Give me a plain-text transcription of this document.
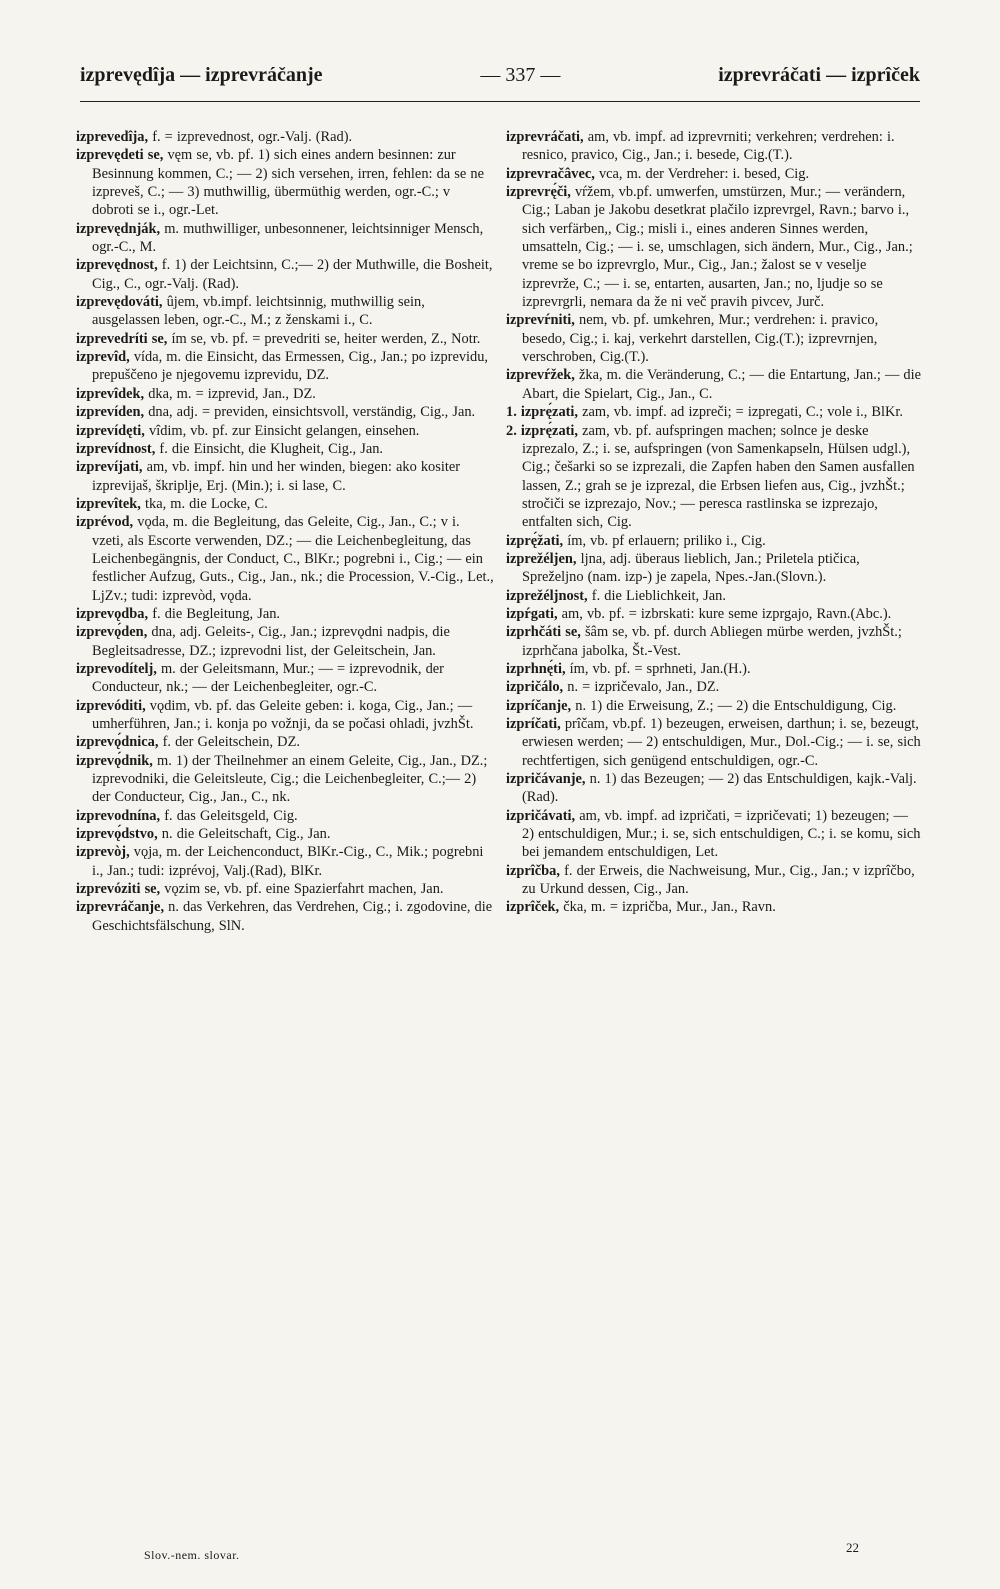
izprevędîja — izprevráčanje	— 337 —	izprevráčati — izprîček
izprevedîja, f. = izprevednost, ogr.-Valj. (Rad).
izprevędeti se, vęm se, vb. pf. 1) sich eines andern besinnen: zur Besinnung kommen, C.; — 2) sich versehen, irren, fehlen: da se ne izpreveš, C.; — 3) muthwillig, übermüthig werden, ogr.-C.; v dobroti se i., ogr.-Let.
izprevędnják, m. muthwilliger, unbesonnener, leichtsinniger Mensch, ogr.-C., M.
izprevędnost, f. 1) der Leichtsinn, C.;— 2) der Muthwille, die Bosheit, Cig., C., ogr.-Valj. (Rad).
izprevędováti, ûjem, vb.impf. leichtsinnig, muthwillig sein, ausgelassen leben, ogr.-C., M.; z ženskami i., C.
izprevedríti se, ím se, vb. pf. = prevedriti se, heiter werden, Z., Notr.
izprevîd, vída, m. die Einsicht, das Ermessen, Cig., Jan.; po izprevidu, prepuščeno je njegovemu izprevidu, DZ.
izprevîdek, dka, m. = izprevid, Jan., DZ.
izprevíden, dna, adj. = previden, einsichtsvoll, verständig, Cig., Jan.
izprevídęti, vîdim, vb. pf. zur Einsicht gelangen, einsehen.
izprevídnost, f. die Einsicht, die Klugheit, Cig., Jan.
izprevíjati, am, vb. impf. hin und her winden, biegen: ako kositer izprevijaš, škriplje, Erj. (Min.); i. si lase, C.
izprevîtek, tka, m. die Locke, C.
izprévod, vǫda, m. die Begleitung, das Geleite, Cig., Jan., C.; v i. vzeti, als Escorte verwenden, DZ.; — die Leichenbegleitung, das Leichenbegängnis, der Conduct, C., BlKr.; pogrebni i., Cig.; — ein festlicher Aufzug, Guts., Cig., Jan., nk.; die Procession, V.-Cig., Let., LjZv.; tudi: izprevòd, vǫda.
izprevǫdba, f. die Begleitung, Jan.
izprevǫ́den, dna, adj. Geleits-, Cig., Jan.; izprevǫdni nadpis, die Begleitsadresse, DZ.; izprevodni list, der Geleitschein, Jan.
izprevodítelj, m. der Geleitsmann, Mur.; — = izprevodnik, der Conducteur, nk.; — der Leichenbegleiter, ogr.-C.
izprevóditi, vǫdim, vb. pf. das Geleite geben: i. koga, Cig., Jan.; — umherführen, Jan.; i. konja po vožnji, da se počasi ohladi, jvzhŠt.
izprevǫ́dnica, f. der Geleitschein, DZ.
izprevǫ́dnik, m. 1) der Theilnehmer an einem Geleite, Cig., Jan., DZ.; izprevodniki, die Geleitsleute, Cig.; die Leichenbegleiter, C.;— 2) der Conducteur, Cig., Jan., C., nk.
izprevodnína, f. das Geleitsgeld, Cig.
izprevǫ́dstvo, n. die Geleitschaft, Cig., Jan.
izprevòj, vǫja, m. der Leichenconduct, BlKr.-Cig., C., Mik.; pogrebni i., Jan.; tudi: izprévoj, Valj.(Rad), BlKr.
izprevóziti se, vǫzim se, vb. pf. eine Spazierfahrt machen, Jan.
izprevráčanje, n. das Verkehren, das Verdrehen, Cig.; i. zgodovine, die Geschichtsfälschung, SlN.
izprevráčati, am, vb. impf. ad izprevrniti; verkehren; verdrehen: i. resnico, pravico, Cig., Jan.; i. besede, Cig.(T.).
izprevračâvec, vca, m. der Verdreher: i. besed, Cig.
izprevrę́či, vŕžem, vb.pf. umwerfen, umstürzen, Mur.; — verändern, Cig.; Laban je Jakobu desetkrat plačilo izprevrgel, Ravn.; barvo i., sich verfärben,, Cig.; misli i., eines anderen Sinnes werden, umsatteln, Cig.; — i. se, umschlagen, sich ändern, Mur., Cig., Jan.; vreme se bo izprevrglo, Mur., Cig., Jan.; žalost se v veselje izprevrže, C.; — i. se, entarten, ausarten, Jan.; no, ljudje so se izprevrgrli, nemara da že ni več pravih pivcev, Jurč.
izprevŕniti, nem, vb. pf. umkehren, Mur.; verdrehen: i. pravico, besedo, Cig.; i. kaj, verkehrt darstellen, Cig.(T.); izprevrnjen, verschroben, Cig.(T.).
izprevŕžek, žka, m. die Veränderung, C.; — die Entartung, Jan.; — die Abart, die Spielart, Cig., Jan., C.
1. izprę́zati, zam, vb. impf. ad izpreči; = izpregati, C.; vole i., BlKr.
2. izprę́zati, zam, vb. pf. aufspringen machen; solnce je deske izprezalo, Z.; i. se, aufspringen (von Samenkapseln, Hülsen udgl.), Cig.; češarki so se izprezali, die Zapfen haben den Samen ausfallen lassen, Z.; grah se je izprezal, die Erbsen liefen aus, Cig., jvzhŠt.; stročiči se izprezajo, Nov.; — peresca rastlinska se izprezajo, entfalten sich, Cig.
izprę́žati, ím, vb. pf erlauern; priliko i., Cig.
izprežéljen, ljna, adj. überaus lieblich, Jan.; Priletela ptičica, Spreželjno (nam. izp-) je zapela, Npes.-Jan.(Slovn.).
izprežéljnost, f. die Lieblichkeit, Jan.
izpŕgati, am, vb. pf. = izbrskati: kure seme izprgajo, Ravn.(Abc.).
izprhčáti se, šâm se, vb. pf. durch Abliegen mürbe werden, jvzhŠt.; izprhčana jabolka, Št.-Vest.
izprhnę́ti, ím, vb. pf. = sprhneti, Jan.(H.).
izpričálo, n. = izpričevalo, Jan., DZ.
izpríčanje, n. 1) die Erweisung, Z.; — 2) die Entschuldigung, Cig.
izpríčati, prîčam, vb.pf. 1) bezeugen, erweisen, darthun; i. se, bezeugt, erwiesen werden; — 2) entschuldigen, Mur., Dol.-Cig.; — i. se, sich rechtfertigen, sich genügend entschuldigen, ogr.-C.
izpričávanje, n. 1) das Bezeugen; — 2) das Entschuldigen, kajk.-Valj.(Rad).
izpričávati, am, vb. impf. ad izpričati, = izpričevati; 1) bezeugen; — 2) entschuldigen, Mur.; i. se, sich entschuldigen, C.; i. se komu, sich bei jemandem entschuldigen, Let.
izprîčba, f. der Erweis, die Nachweisung, Mur., Cig., Jan.; v izprîčbo, zu Urkund dessen, Cig., Jan.
izprîček, čka, m. = izpričba, Mur., Jan., Ravn.
Slov.-nem. slovar.	22
